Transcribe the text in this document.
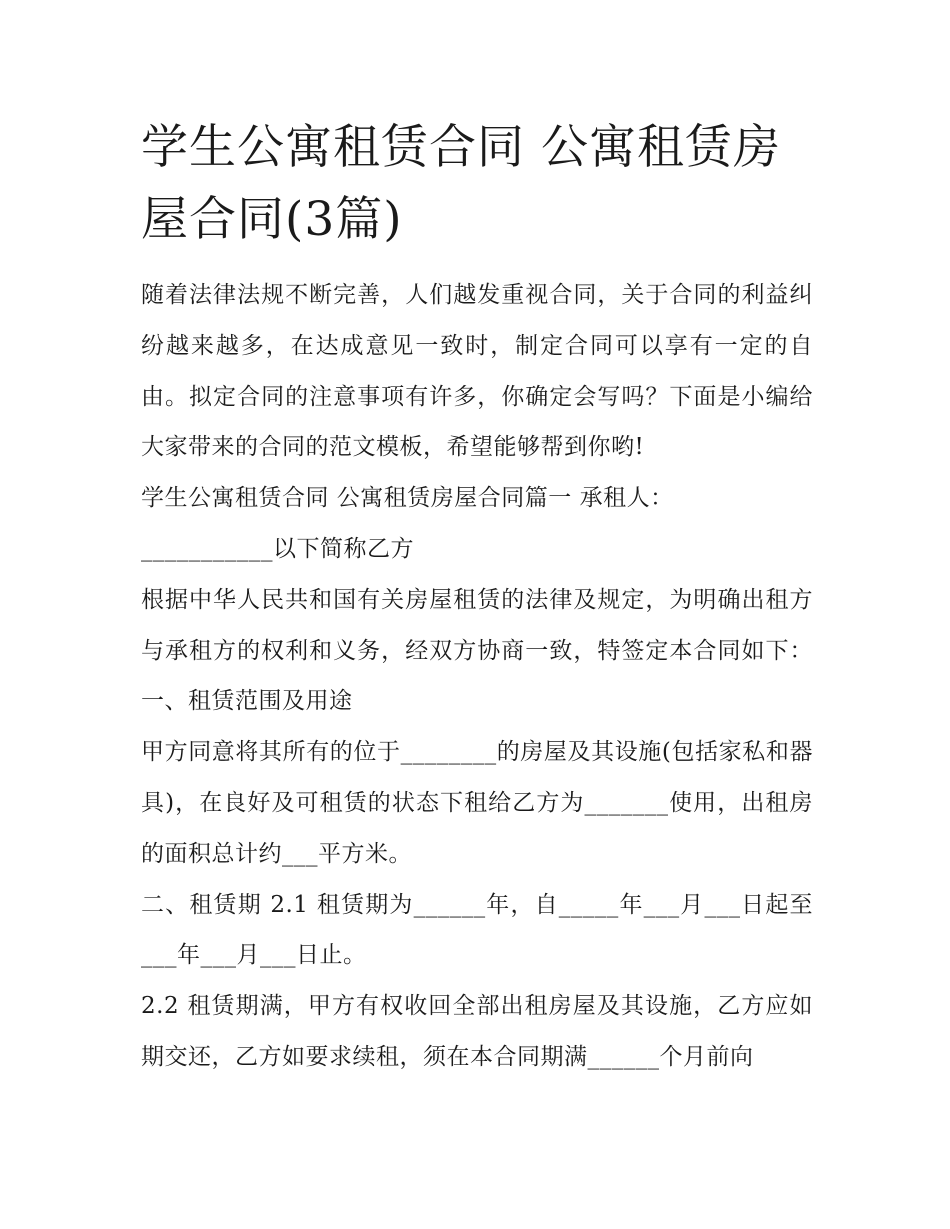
学生公寓租赁合同 公寓租赁房屋合同(3篇)

随着法律法规不断完善，人们越发重视合同，关于合同的利益纠纷越来越多，在达成意见一致时，制定合同可以享有一定的自由。拟定合同的注意事项有许多，你确定会写吗？下面是小编给大家带来的合同的范文模板，希望能够帮到你哟!

学生公寓租赁合同 公寓租赁房屋合同篇一 承租人：

___________以下简称乙方

根据中华人民共和国有关房屋租赁的法律及规定，为明确出租方与承租方的权利和义务，经双方协商一致，特签定本合同如下： 一、租赁范围及用途

甲方同意将其所有的位于________的房屋及其设施(包括家私和器具)，在良好及可租赁的状态下租给乙方为_______使用，出租房的面积总计约___平方米。

二、租赁期 2.1 租赁期为______年，自_____年___月___日起至___年___月___日止。

2.2 租赁期满，甲方有权收回全部出租房屋及其设施，乙方应如期交还，乙方如要求续租，须在本合同期满______个月前向
